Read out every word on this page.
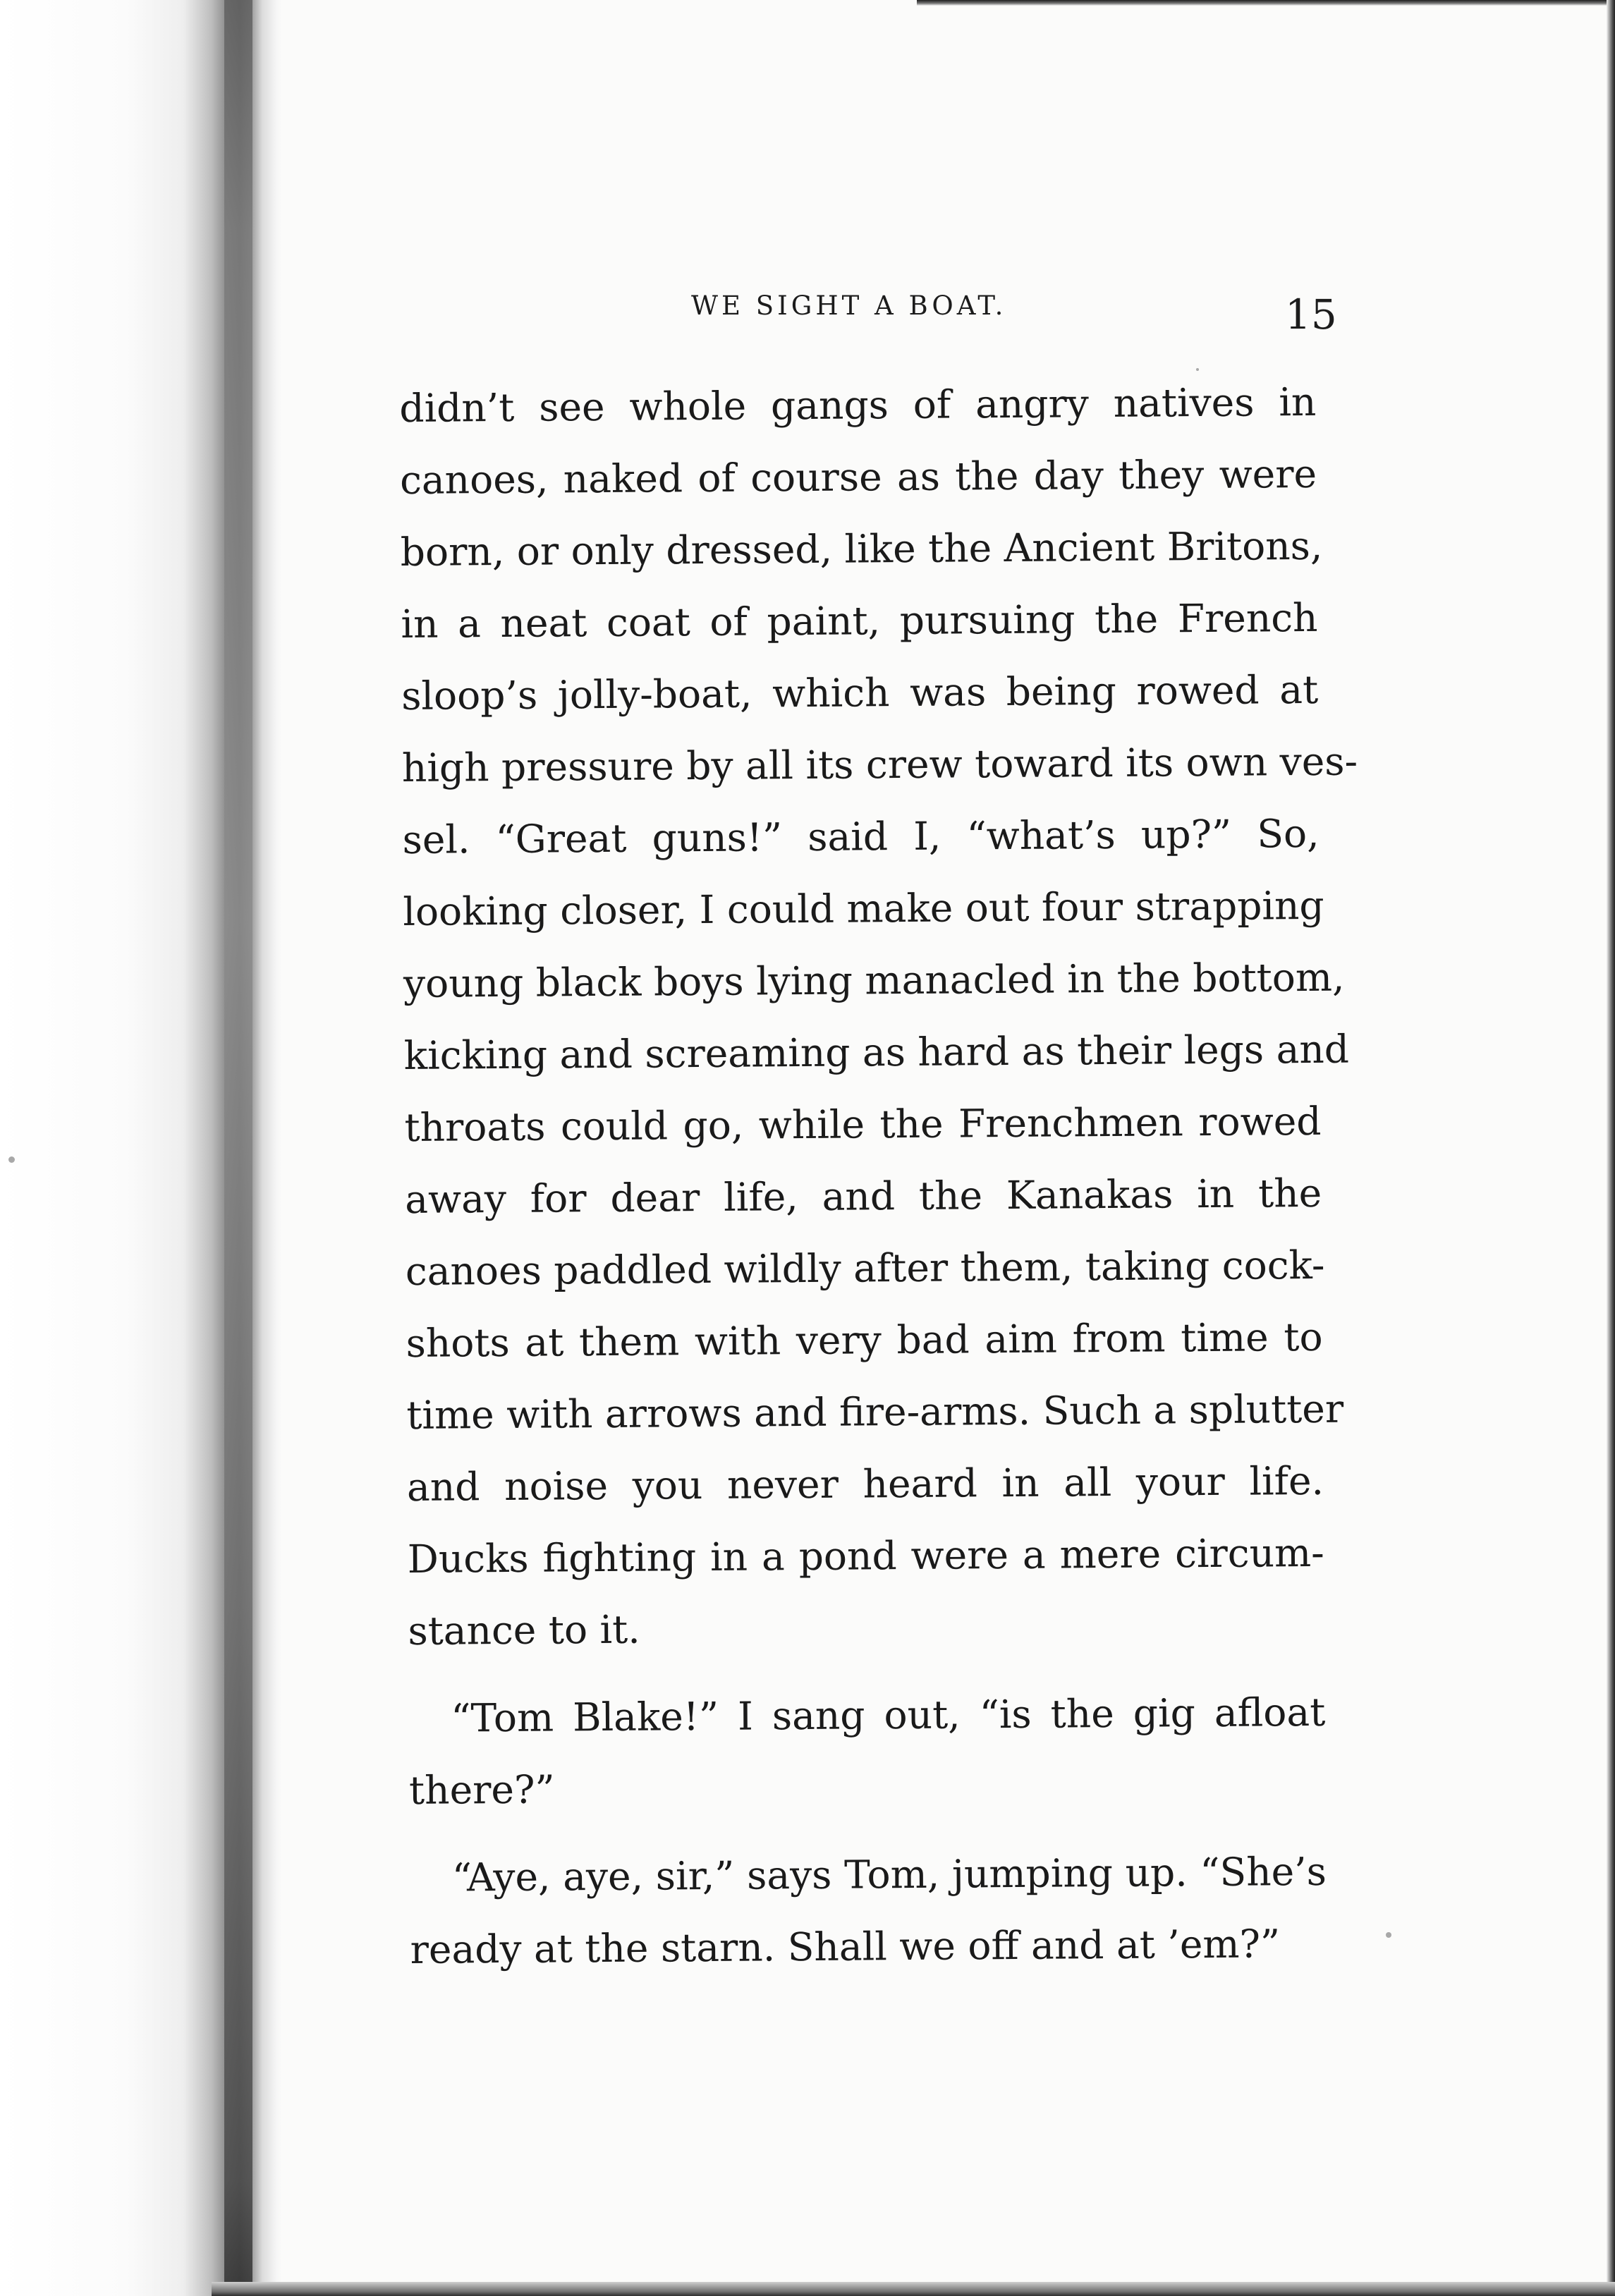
WE SIGHT A BOAT.	15
didn’t see whole gangs of angry natives in
canoes, naked of course as the day they were
born, or only dressed, like the Ancient Britons,
in a neat coat of paint, pursuing the French
sloop’s jolly-boat, which was being rowed at
high pressure by all its crew toward its own ves-
sel. “Great guns!” said I, “what’s up?” So,
looking closer, I could make out four strapping
young black boys lying manacled in the bottom,
kicking and screaming as hard as their legs and
throats could go, while the Frenchmen rowed
away for dear life, and the Kanakas in the
canoes paddled wildly after them, taking cock-
shots at them with very bad aim from time to
time with arrows and fire-arms. Such a splutter
and noise you never heard in all your life.
Ducks fighting in a pond were a mere circum-
stance to it.
“Tom Blake!” I sang out, “is the gig afloat
there?”
“Aye, aye, sir,” says Tom, jumping up. “She’s
ready at the starn. Shall we off and at ’em?”
